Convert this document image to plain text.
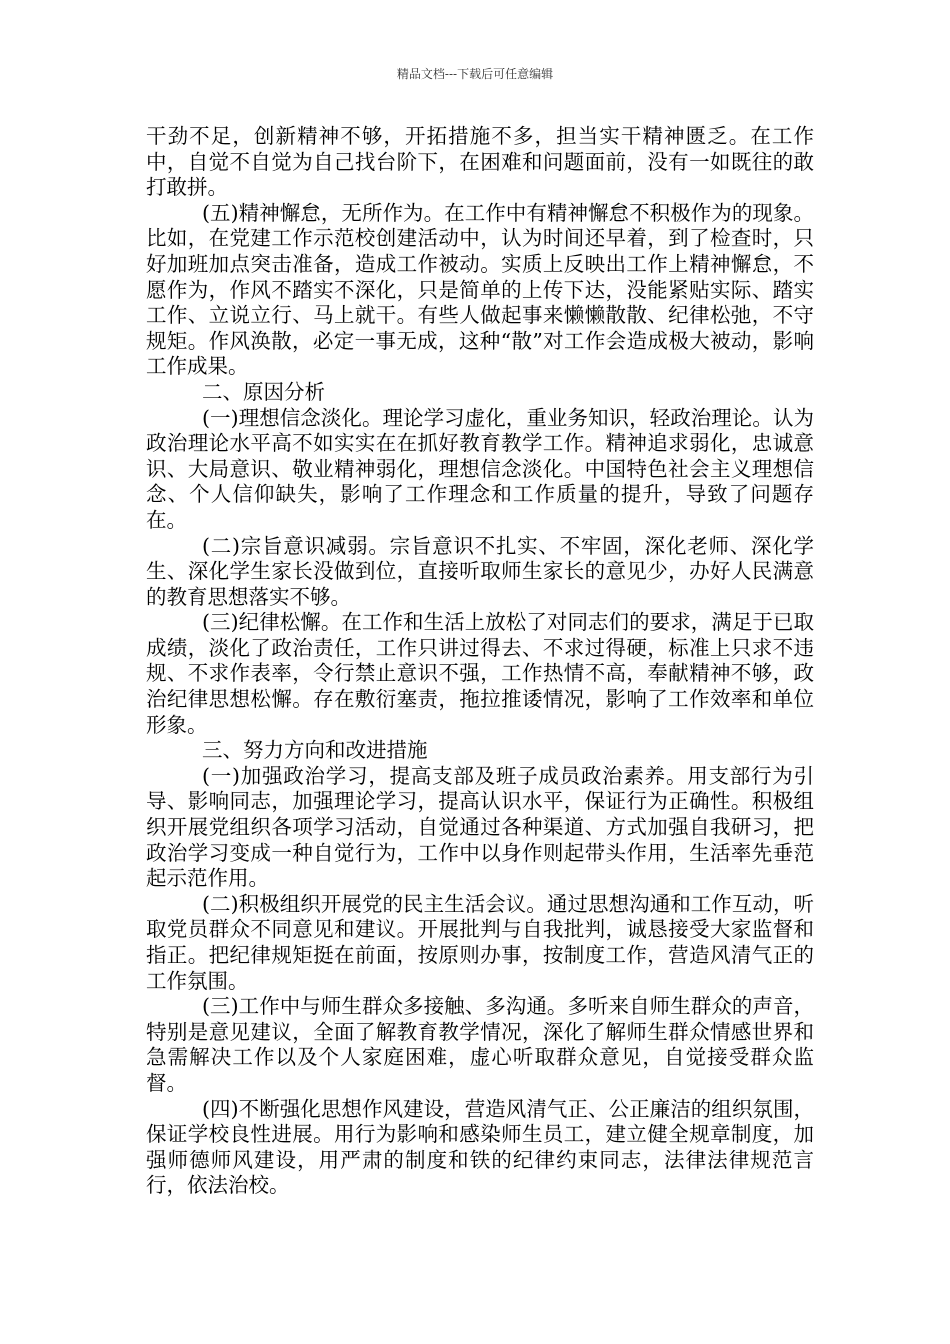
精品文档---下载后可任意编辑

干劲不足，创新精神不够，开拓措施不多，担当实干精神匮乏。在工作中，自觉不自觉为自己找台阶下，在困难和问题面前，没有一如既往的敢打敢拼。

(五)精神懈怠，无所作为。在工作中有精神懈怠不积极作为的现象。比如，在党建工作示范校创建活动中，认为时间还早着，到了检查时，只好加班加点突击准备，造成工作被动。实质上反映出工作上精神懈怠，不愿作为，作风不踏实不深化，只是简单的上传下达，没能紧贴实际、踏实工作、立说立行、马上就干。有些人做起事来懒懒散散、纪律松弛，不守规矩。作风涣散，必定一事无成，这种“散”对工作会造成极大被动，影响工作成果。

二、原因分析

(一)理想信念淡化。理论学习虚化，重业务知识，轻政治理论。认为政治理论水平高不如实实在在抓好教育教学工作。精神追求弱化，忠诚意识、大局意识、敬业精神弱化，理想信念淡化。中国特色社会主义理想信念、个人信仰缺失，影响了工作理念和工作质量的提升，导致了问题存在。

(二)宗旨意识减弱。宗旨意识不扎实、不牢固，深化老师、深化学生、深化学生家长没做到位，直接听取师生家长的意见少，办好人民满意的教育思想落实不够。

(三)纪律松懈。在工作和生活上放松了对同志们的要求，满足于已取成绩，淡化了政治责任，工作只讲过得去、不求过得硬，标准上只求不违规、不求作表率，令行禁止意识不强，工作热情不高，奉献精神不够，政治纪律思想松懈。存在敷衍塞责，拖拉推诿情况，影响了工作效率和单位形象。

三、努力方向和改进措施

(一)加强政治学习，提高支部及班子成员政治素养。用支部行为引导、影响同志，加强理论学习，提高认识水平，保证行为正确性。积极组织开展党组织各项学习活动，自觉通过各种渠道、方式加强自我研习，把政治学习变成一种自觉行为，工作中以身作则起带头作用，生活率先垂范起示范作用。

(二)积极组织开展党的民主生活会议。通过思想沟通和工作互动，听取党员群众不同意见和建议。开展批判与自我批判，诚恳接受大家监督和指正。把纪律规矩挺在前面，按原则办事，按制度工作，营造风清气正的工作氛围。

(三)工作中与师生群众多接触、多沟通。多听来自师生群众的声音，特别是意见建议，全面了解教育教学情况，深化了解师生群众情感世界和急需解决工作以及个人家庭困难，虚心听取群众意见，自觉接受群众监督。

(四)不断强化思想作风建设，营造风清气正、公正廉洁的组织氛围，保证学校良性进展。用行为影响和感染师生员工，建立健全规章制度，加强师德师风建设，用严肃的制度和铁的纪律约束同志，法律法律规范言行，依法治校。
